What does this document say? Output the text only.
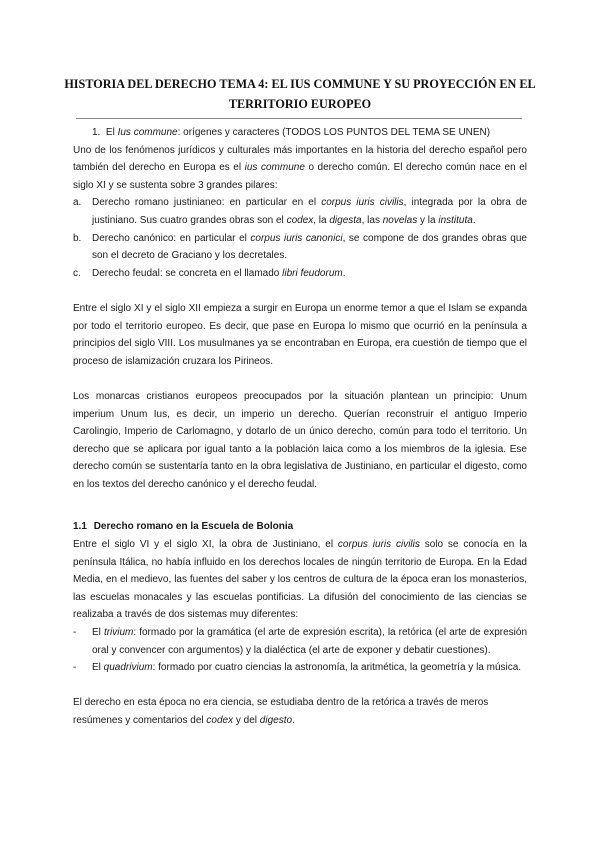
HISTORIA DEL DERECHO TEMA 4: EL IUS COMMUNE Y SU PROYECCIÓN EN EL TERRITORIO EUROPEO

1. El Ius commune: orígenes y caracteres (TODOS LOS PUNTOS DEL TEMA SE UNEN)

Uno de los fenómenos jurídicos y culturales más importantes en la historia del derecho español pero también del derecho en Europa es el ius commune o derecho común. El derecho común nace en el siglo XI y se sustenta sobre 3 grandes pilares:

a. Derecho romano justinianeo: en particular en el corpus iuris civilis, integrada por la obra de justiniano. Sus cuatro grandes obras son el codex, la digesta, las novelas y la instituta.
b. Derecho canónico: en particular el corpus iuris canonici, se compone de dos grandes obras que son el decreto de Graciano y los decretales.
c. Derecho feudal: se concreta en el llamado libri feudorum.

Entre el siglo XI y el siglo XII empieza a surgir en Europa un enorme temor a que el Islam se expanda por todo el territorio europeo. Es decir, que pase en Europa lo mismo que ocurrió en la península a principios del siglo VIII. Los musulmanes ya se encontraban en Europa, era cuestión de tiempo que el proceso de islamización cruzara los Pirineos.

Los monarcas cristianos europeos preocupados por la situación plantean un principio: Unum imperium Unum Ius, es decir, un imperio un derecho. Querían reconstruir el antiguo Imperio Carolingio, Imperio de Carlomagno, y dotarlo de un único derecho, común para todo el territorio. Un derecho que se aplicara por igual tanto a la población laica como a los miembros de la iglesia. Ese derecho común se sustentaría tanto en la obra legislativa de Justiniano, en particular el digesto, como en los textos del derecho canónico y el derecho feudal.

1.1 Derecho romano en la Escuela de Bolonia

Entre el siglo VI y el siglo XI, la obra de Justiniano, el corpus iuris civilis solo se conocía en la península Itálica, no había influido en los derechos locales de ningún territorio de Europa. En la Edad Media, en el medievo, las fuentes del saber y los centros de cultura de la época eran los monasterios, las escuelas monacales y las escuelas pontificias. La difusión del conocimiento de las ciencias se realizaba a través de dos sistemas muy diferentes:

- El trivium: formado por la gramática (el arte de expresión escrita), la retórica (el arte de expresión oral y convencer con argumentos) y la dialéctica (el arte de exponer y debatir cuestiones).
- El quadrivium: formado por cuatro ciencias la astronomía, la aritmética, la geometría y la música.

El derecho en esta época no era ciencia, se estudiaba dentro de la retórica a través de meros resúmenes y comentarios del codex y del digesto.
